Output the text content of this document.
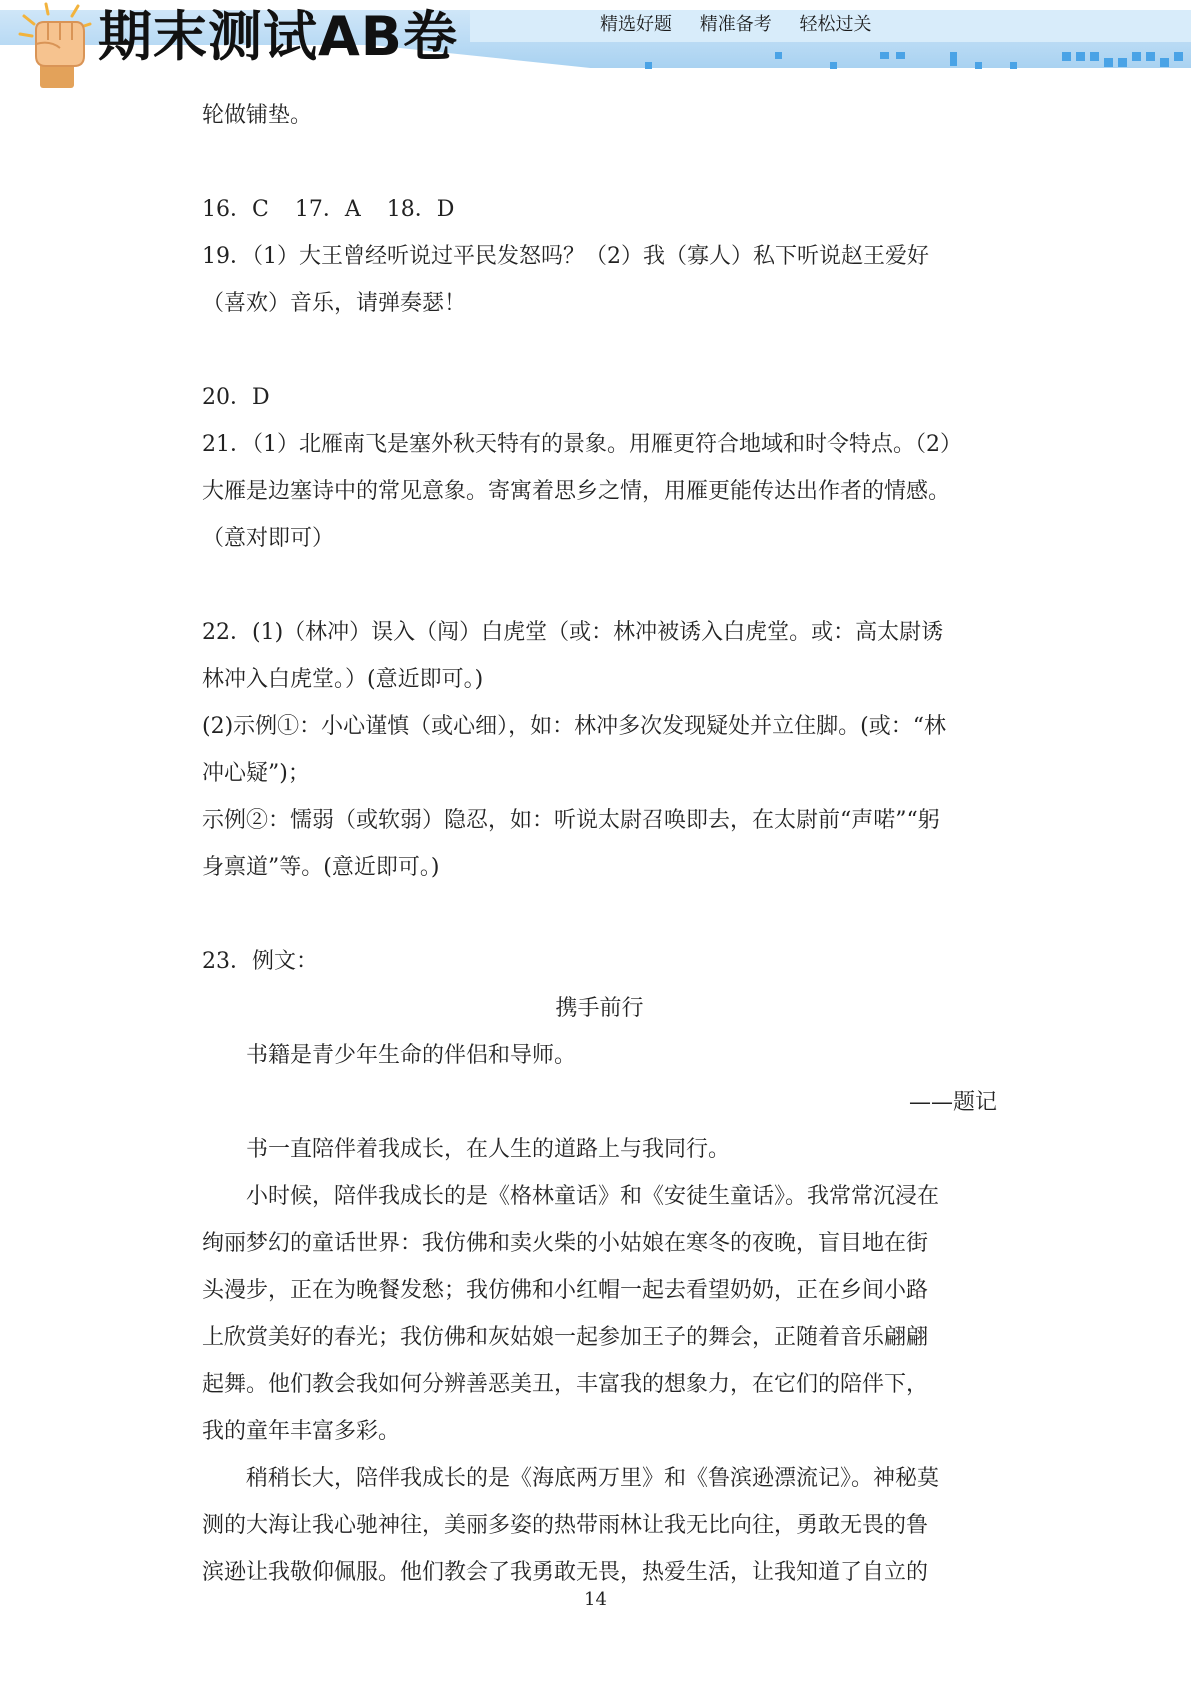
期末测试AB卷	精选好题 精准备考 轻松过关
轮做铺垫。
16．C 17．A 18．D
19．（1）大王曾经听说过平民发怒吗？（2）我（寡人）私下听说赵王爱好
（喜欢）音乐，请弹奏瑟！
20．D
21．（1）北雁南飞是塞外秋天特有的景象。用雁更符合地域和时令特点。（2）
大雁是边塞诗中的常见意象。寄寓着思乡之情，用雁更能传达出作者的情感。
（意对即可）
22．(1)（林冲）误入（闯）白虎堂（或：林冲被诱入白虎堂。或：高太尉诱
林冲入白虎堂。）(意近即可。)
(2)示例①：小心谨慎（或心细），如：林冲多次发现疑处并立住脚。(或：“林
冲心疑”)；
示例②：懦弱（或软弱）隐忍，如：听说太尉召唤即去，在太尉前“声喏”“躬
身禀道”等。(意近即可。)
23．例文：
携手前行
书籍是青少年生命的伴侣和导师。
——题记
书一直陪伴着我成长，在人生的道路上与我同行。
小时候，陪伴我成长的是《格林童话》和《安徒生童话》。我常常沉浸在
绚丽梦幻的童话世界：我仿佛和卖火柴的小姑娘在寒冬的夜晚，盲目地在街
头漫步，正在为晚餐发愁；我仿佛和小红帽一起去看望奶奶，正在乡间小路
上欣赏美好的春光；我仿佛和灰姑娘一起参加王子的舞会，正随着音乐翩翩
起舞。他们教会我如何分辨善恶美丑，丰富我的想象力，在它们的陪伴下，
我的童年丰富多彩。
稍稍长大，陪伴我成长的是《海底两万里》和《鲁滨逊漂流记》。神秘莫
测的大海让我心驰神往，美丽多姿的热带雨林让我无比向往，勇敢无畏的鲁
滨逊让我敬仰佩服。他们教会了我勇敢无畏，热爱生活，让我知道了自立的
14
